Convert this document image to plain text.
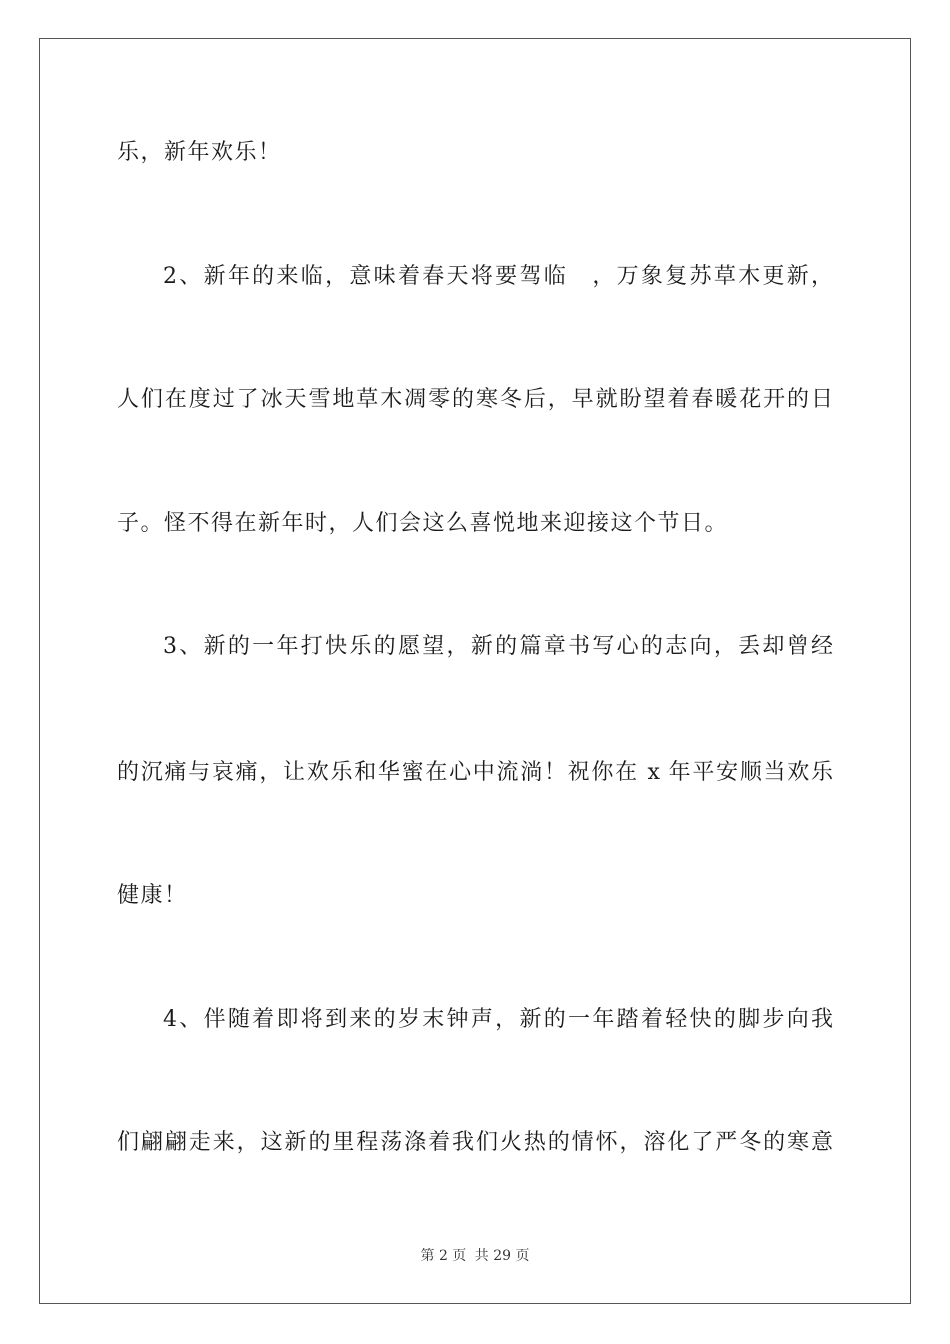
乐，新年欢乐！
2、新年的来临，意味着春天将要驾临　，万象复苏草木更新，
人们在度过了冰天雪地草木凋零的寒冬后，早就盼望着春暖花开的日
子。怪不得在新年时，人们会这么喜悦地来迎接这个节日。
3、新的一年打快乐的愿望，新的篇章书写心的志向，丢却曾经
的沉痛与哀痛，让欢乐和华蜜在心中流淌！祝你在 x 年平安顺当欢乐
健康！
4、伴随着即将到来的岁末钟声，新的一年踏着轻快的脚步向我
们翩翩走来，这新的里程荡涤着我们火热的情怀，溶化了严冬的寒意
第 2 页 共 29 页
